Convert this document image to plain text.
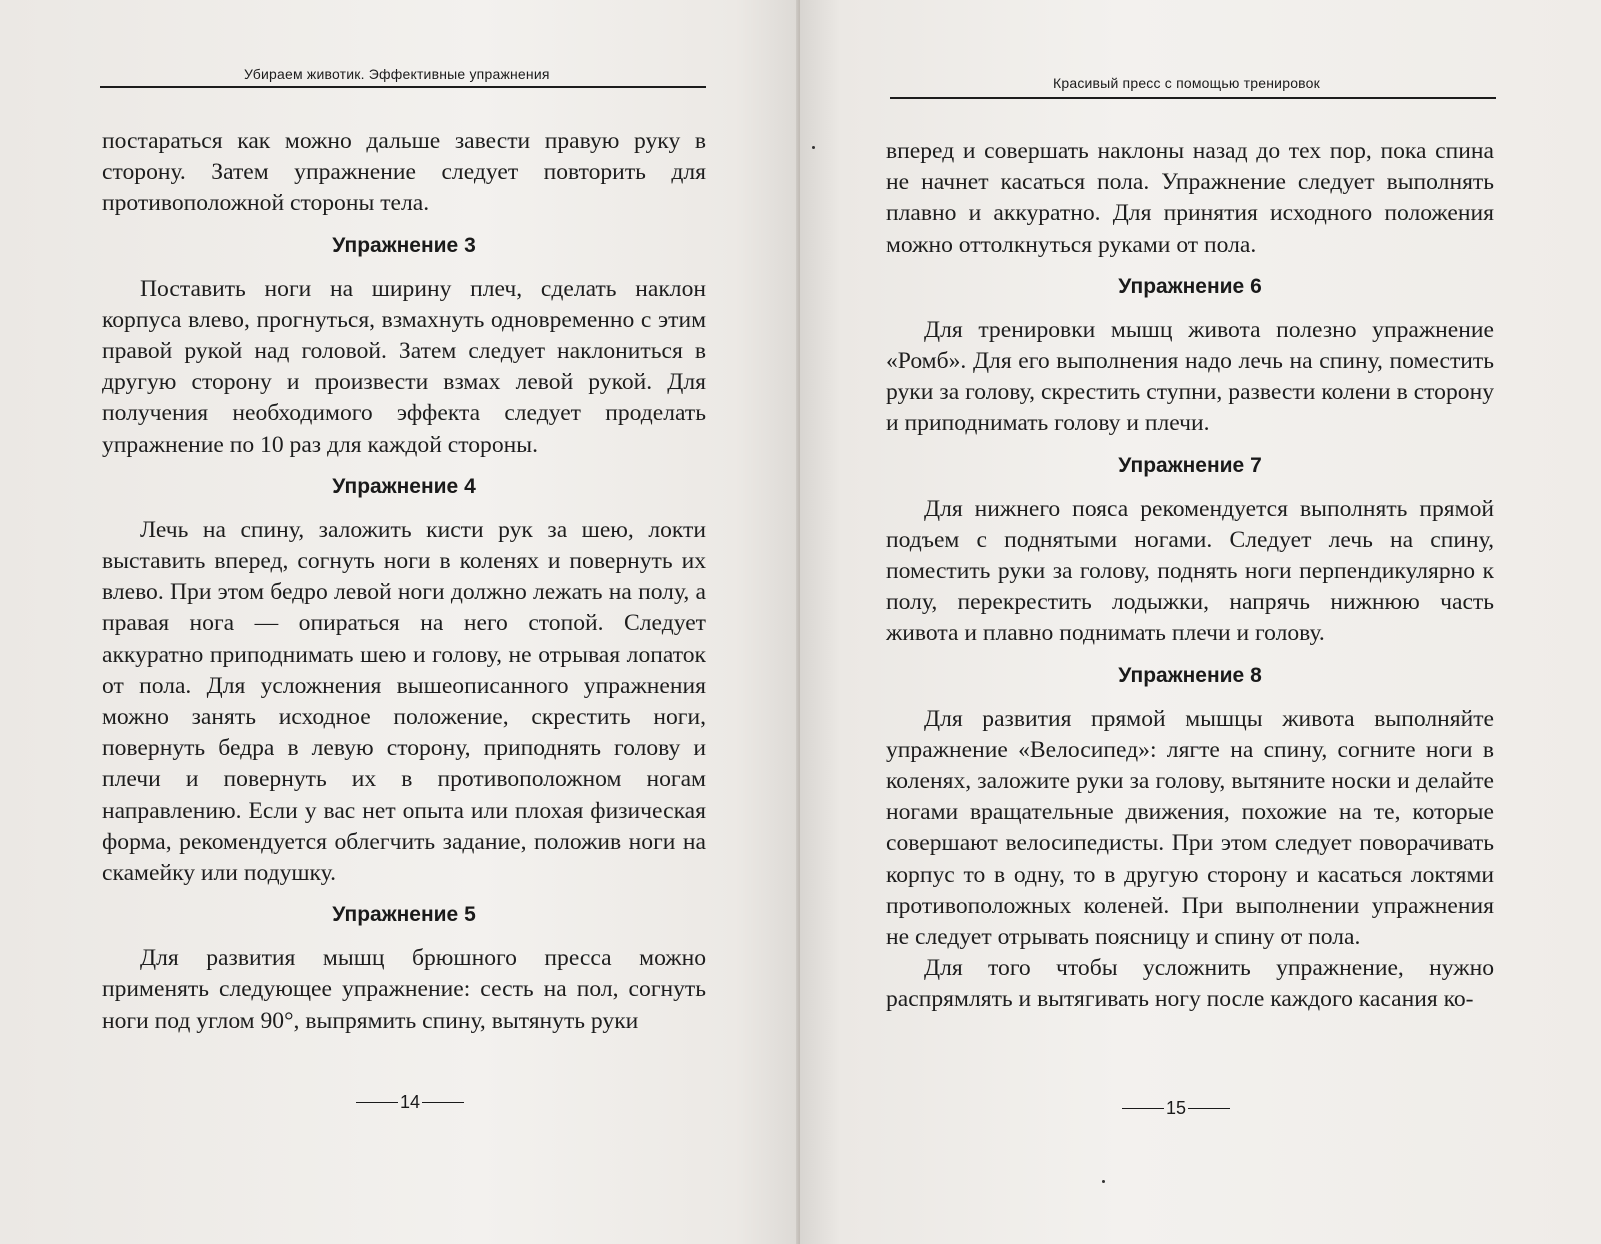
Убираем животик. Эффективные упражнения

постараться как можно дальше завести правую руку в сторону. Затем упражнение следует повторить для противоположной стороны тела.

Упражнение 3

Поставить ноги на ширину плеч, сделать наклон корпуса влево, прогнуться, взмахнуть одновременно с этим правой рукой над головой. Затем следует наклониться в другую сторону и произвести взмах левой рукой. Для получения необходимого эффекта следует проделать упражнение по 10 раз для каждой стороны.

Упражнение 4

Лечь на спину, заложить кисти рук за шею, локти выставить вперед, согнуть ноги в коленях и повернуть их влево. При этом бедро левой ноги должно лежать на полу, а правая нога — опираться на него стопой. Следует аккуратно приподнимать шею и голову, не отрывая лопаток от пола. Для усложнения вышеописанного упражнения можно занять исходное положение, скрестить ноги, повернуть бедра в левую сторону, приподнять голову и плечи и повернуть их в противоположном ногам направлению. Если у вас нет опыта или плохая физическая форма, рекомендуется облегчить задание, положив ноги на скамейку или подушку.

Упражнение 5

Для развития мышц брюшного пресса можно применять следующее упражнение: сесть на пол, согнуть ноги под углом 90°, выпрямить спину, вытянуть руки

14
Красивый пресс с помощью тренировок

вперед и совершать наклоны назад до тех пор, пока спина не начнет касаться пола. Упражнение следует выполнять плавно и аккуратно. Для принятия исходного положения можно оттолкнуться руками от пола.

Упражнение 6

Для тренировки мышц живота полезно упражнение «Ромб». Для его выполнения надо лечь на спину, поместить руки за голову, скрестить ступни, развести колени в сторону и приподнимать голову и плечи.

Упражнение 7

Для нижнего пояса рекомендуется выполнять прямой подъем с поднятыми ногами. Следует лечь на спину, поместить руки за голову, поднять ноги перпендикулярно к полу, перекрестить лодыжки, напрячь нижнюю часть живота и плавно поднимать плечи и голову.

Упражнение 8

Для развития прямой мышцы живота выполняйте упражнение «Велосипед»: лягте на спину, согните ноги в коленях, заложите руки за голову, вытяните носки и делайте ногами вращательные движения, похожие на те, которые совершают велосипедисты. При этом следует поворачивать корпус то в одну, то в другую сторону и касаться локтями противоположных коленей. При выполнении упражнения не следует отрывать поясницу и спину от пола.

Для того чтобы усложнить упражнение, нужно распрямлять и вытягивать ногу после каждого касания ко-

15
